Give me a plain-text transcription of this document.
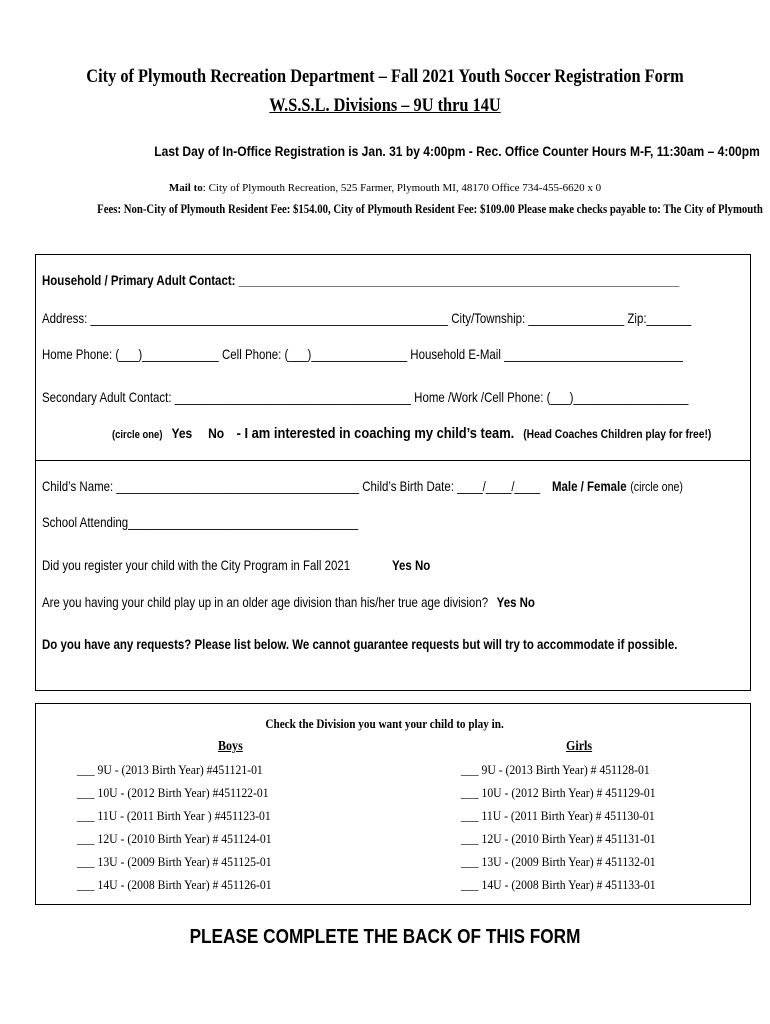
City of Plymouth Recreation Department – Fall 2021 Youth Soccer Registration Form
W.S.S.L. Divisions – 9U thru 14U
Last Day of In-Office Registration is Jan. 31 by 4:00pm - Rec. Office Counter Hours M-F, 11:30am – 4:00pm
Mail to: City of Plymouth Recreation, 525 Farmer, Plymouth MI, 48170 Office 734-455-6620 x 0
Fees: Non-City of Plymouth Resident Fee: $154.00, City of Plymouth Resident Fee: $109.00 Please make checks payable to: The City of Plymouth
Household / Primary Adult Contact: _____________________________________________________________________
Address: ________________________________________________________ City/Township: _______________ Zip:_______
Home Phone: (___)____________ Cell Phone: (___)_______________ Household E-Mail ____________________________
Secondary Adult Contact: _____________________________________ Home /Work /Cell Phone: (___)__________________
(circle one) Yes No - I am interested in coaching my child’s team. (Head Coaches Children play for free!)
Child’s Name: ______________________________________ Child’s Birth Date: ____/____/____ Male / Female (circle one)
School Attending____________________________________
Did you register your child with the City Program in Fall 2021	Yes No
Are you having your child play up in an older age division than his/her true age division? Yes No
Do you have any requests? Please list below. We cannot guarantee requests but will try to accommodate if possible.
Check the Division you want your child to play in.
Boys	Girls
___ 9U - (2013 Birth Year) #451121-01
___ 10U - (2012 Birth Year) #451122-01
___ 11U - (2011 Birth Year ) #451123-01
___ 12U - (2010 Birth Year) # 451124-01
___ 13U - (2009 Birth Year) # 451125-01
___ 14U - (2008 Birth Year) # 451126-01
___ 9U - (2013 Birth Year) # 451128-01
___ 10U - (2012 Birth Year) # 451129-01
___ 11U - (2011 Birth Year) # 451130-01
___ 12U - (2010 Birth Year) # 451131-01
___ 13U - (2009 Birth Year) # 451132-01
___ 14U - (2008 Birth Year) # 451133-01
PLEASE COMPLETE THE BACK OF THIS FORM
